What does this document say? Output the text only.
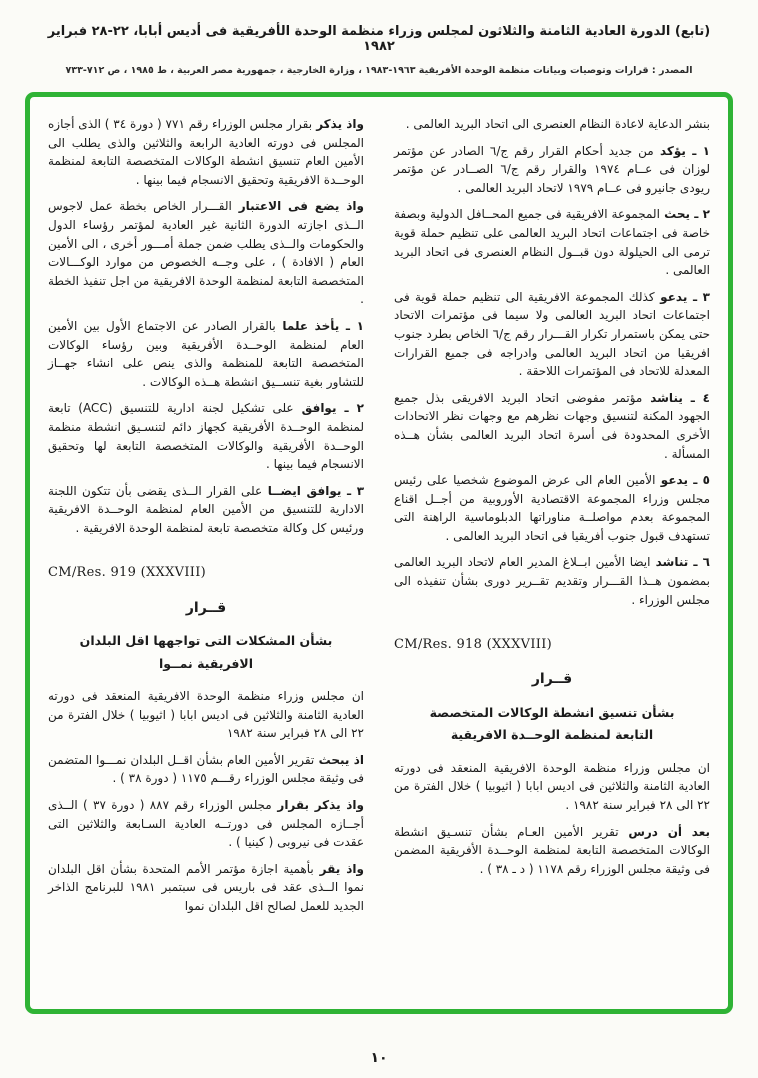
(تابع) الدورة العادية الثامنة والثلاثون لمجلس وزراء منظمة الوحدة الأفريقية فى أديس أبابا، ٢٢-٢٨ فبراير ١٩٨٢
المصدر : قرارات وتوصيات وبيانات منظمة الوحدة الأفريقية ١٩٦٣-١٩٨٣ ، وزارة الخارجية ، جمهورية مصر العربية ، ط ١٩٨٥ ، ص ٧١٢-٧٣٣

بنشر الدعاية لاعادة النظام العنصرى الى اتحاد البريد العالمى .

١ ـ يؤكد من جديد أحكام القرار رقم ج/٦ الصادر عن مؤتمر لوزان فى عــام ١٩٧٤ والقرار رقم ج/٦ الصــادر عن مؤتمر ريودى جانيرو فى عــام ١٩٧٩ لاتحاد البريد العالمى .

٢ ـ يحث المجموعة الافريقية فى جميع المحــافل الدولية وبصفة خاصة فى اجتماعات اتحاد البريد العالمى على تنظيم حملة قوية ترمى الى الحيلولة دون قبــول النظام العنصرى فى اتحاد البريد العالمى .

٣ ـ يدعو كذلك المجموعة الافريقية الى تنظيم حملة قوية فى اجتماعات اتحاد البريد العالمى ولا سيما فى مؤتمرات الاتحاد حتى يمكن باستمرار تكرار القـــرار رقم ج/٦ الخاص بطرد جنوب افريقيا من اتحاد البريد العالمى وادراجه فى جميع القرارات المعدلة للاتحاد فى المؤتمرات اللاحقة .

٤ ـ يناشد مؤتمر مفوضى اتحاد البريد الافريقى بذل جميع الجهود المكنة لتنسيق وجهات نظرهم مع وجهات نظر الاتحادات الأخرى المحدودة فى أسرة اتحاد البريد العالمى بشأن هــذه المسألة .

٥ ـ يدعو الأمين العام الى عرض الموضوع شخصيا على رئيس مجلس وزراء المجموعة الاقتصادية الأوروبية من أجــل اقناع المجموعة بعدم مواصلــة مناوراتها الدبلوماسية الراهنة التى تستهدف قبول جنوب أفريقيا فى اتحاد البريد العالمى .

٦ ـ تناشد ايضا الأمين ابــلاغ المدير العام لاتحاد البريد العالمى بمضمون هــذا القـــرار وتقديم تقــرير دورى بشأن تنفيذه الى مجلس الوزراء .

CM/Res. 918 (XXXVIII)

قــرار

بشأن تنسيق انشطة الوكالات المتخصصة

التابعة لمنظمة الوحــدة الافريقية

ان مجلس وزراء منظمة الوحدة الافريقية المنعقد فى دورته العادية الثامنة والثلاثين فى اديس ابابا ( اثيوبيا ) خلال الفترة من ٢٢ الى ٢٨ فبراير سنة ١٩٨٢ .

بعد أن درس تقرير الأمين العـام بشأن تنسـيق انشطة الوكالات المتخصصة التابعة لمنظمة الوحــدة الأفريقية المضمن فى وثيقة مجلس الوزراء رقم ١١٧٨ ( د ـ ٣٨ ) .

واذ يذكر بقرار مجلس الوزراء رقم ٧٧١ ( دورة ٣٤ ) الذى أجازه المجلس فى دورته العادية الرابعة والثلاثين والذى يطلب الى الأمين العام تنسيق انشطة الوكالات المتخصصة التابعة لمنظمة الوحــدة الافريقية وتحقيق الانسجام فيما بينها .

واذ يضع فى الاعتبار القـــرار الخاص بخطة عمل لاجوس الــذى اجازته الدورة الثانية غير العادية لمؤتمر رؤساء الدول والحكومات والــذى يطلب ضمن جملة أمـــور أخرى ، الى الأمين العام ( الافادة ) ، على وجــه الخصوص من موارد الوكـــالات المتخصصة التابعة لمنظمة الوحدة الافريقية من اجل تنفيذ الخطة .

١ ـ يأخذ علما بالقرار الصادر عن الاجتماع الأول بين الأمين العام لمنظمة الوحــدة الأفريقية وبين رؤساء الوكالات المتخصصة التابعة للمنظمة والذى ينص على انشاء جهــاز للتشاور بغية تنســيق انشطة هــذه الوكالات .

٢ ـ يوافق على تشكيل لجنة ادارية للتنسيق (ACC) تابعة لمنظمة الوحــدة الأفريقية كجهاز دائم لتنسـيق انشطة منظمة الوحــدة الأفريقية والوكالات المتخصصة التابعة لها وتحقيق الانسجام فيما بينها .

٣ ـ يوافق ايضــا على القرار الــذى يقضى بأن تتكون اللجنة الادارية للتنسيق من الأمين العام لمنظمة الوحــدة الافريقية ورئيس كل وكالة متخصصة تابعة لمنظمة الوحدة الافريقية .

CM/Res. 919 (XXXVIII)

قــرار

بشأن المشكلات التى تواجهها اقل البلدان

الافريقية نمــوا

ان مجلس وزراء منظمة الوحدة الافريقية المنعقد فى دورته العادية الثامنة والثلاثين فى اديس ابابا ( اثيوبيا ) خلال الفترة من ٢٢ الى ٢٨ فبراير سنة ١٩٨٢

اذ يبحث تقرير الأمين العام بشأن اقــل البلدان نمـــوا المتضمن فى وثيقة مجلس الوزراء رقـــم ١١٧٥ ( دورة ٣٨ ) .

واذ يذكر بقرار مجلس الوزراء رقم ٨٨٧ ( دورة ٣٧ ) الــذى أجــازه المجلس فى دورتــه العادية السـابعة والثلاثين التى عقدت فى نيروبى ( كينيا ) .

واذ يقر بأهمية اجازة مؤتمر الأمم المتحدة بشأن اقل البلدان نموا الــذى عقد فى باريس فى سبتمبر ١٩٨١ للبرنامج الذاخر الجديد للعمل لصالح اقل البلدان نموا

١٠
